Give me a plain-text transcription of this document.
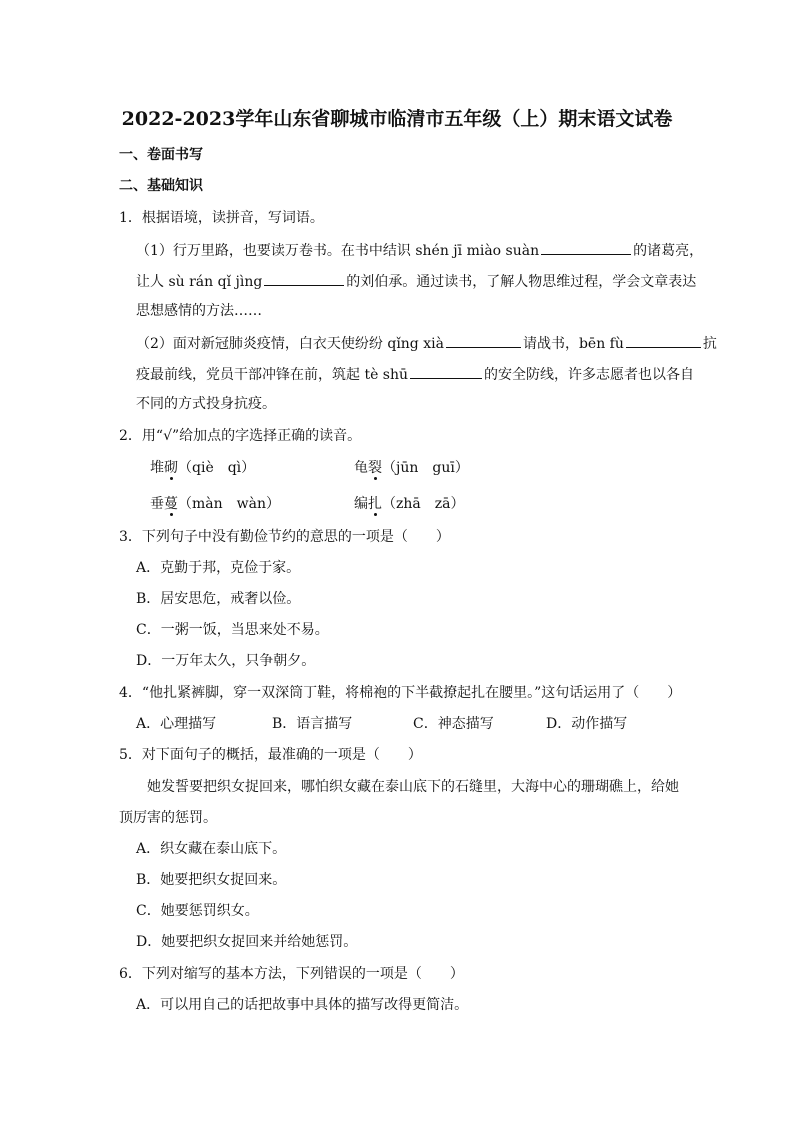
2022-2023学年山东省聊城市临清市五年级（上）期末语文试卷
一、卷面书写
二、基础知识
1．根据语境，读拼音，写词语。
（1）行万里路，也要读万卷书。在书中结识 shén jī miào suàn	的诸葛亮，
让人 sù rán qǐ jìng	的刘伯承。通过读书，了解人物思维过程，学会文章表达
思想感情的方法……
（2）面对新冠肺炎疫情，白衣天使纷纷 qǐng xià	请战书，bēn fù	抗
疫最前线，党员干部冲锋在前，筑起 tè shū	的安全防线，许多志愿者也以各自
不同的方式投身抗疫。
2．用“√”给加点的字选择正确的读音。
堆砌（qiè　qì）	龟裂（jūn　guī）
垂蔓（màn　wàn）	编扎（zhā　zā）
3．下列句子中没有勤俭节约的意思的一项是（　　）
A．克勤于邦，克俭于家。
B．居安思危，戒奢以俭。
C．一粥一饭，当思来处不易。
D．一万年太久，只争朝夕。
4．“他扎紧裤脚，穿一双深筒丁鞋，将棉袍的下半截撩起扎在腰里。”这句话运用了（　　）
A．心理描写	B．语言描写	C．神态描写	D．动作描写
5．对下面句子的概括，最准确的一项是（　　）
她发誓要把织女捉回来，哪怕织女藏在泰山底下的石缝里，大海中心的珊瑚礁上，给她
顶厉害的惩罚。
A．织女藏在泰山底下。
B．她要把织女捉回来。
C．她要惩罚织女。
D．她要把织女捉回来并给她惩罚。
6．下列对缩写的基本方法，下列错误的一项是（　　）
A．可以用自己的话把故事中具体的描写改得更简洁。
